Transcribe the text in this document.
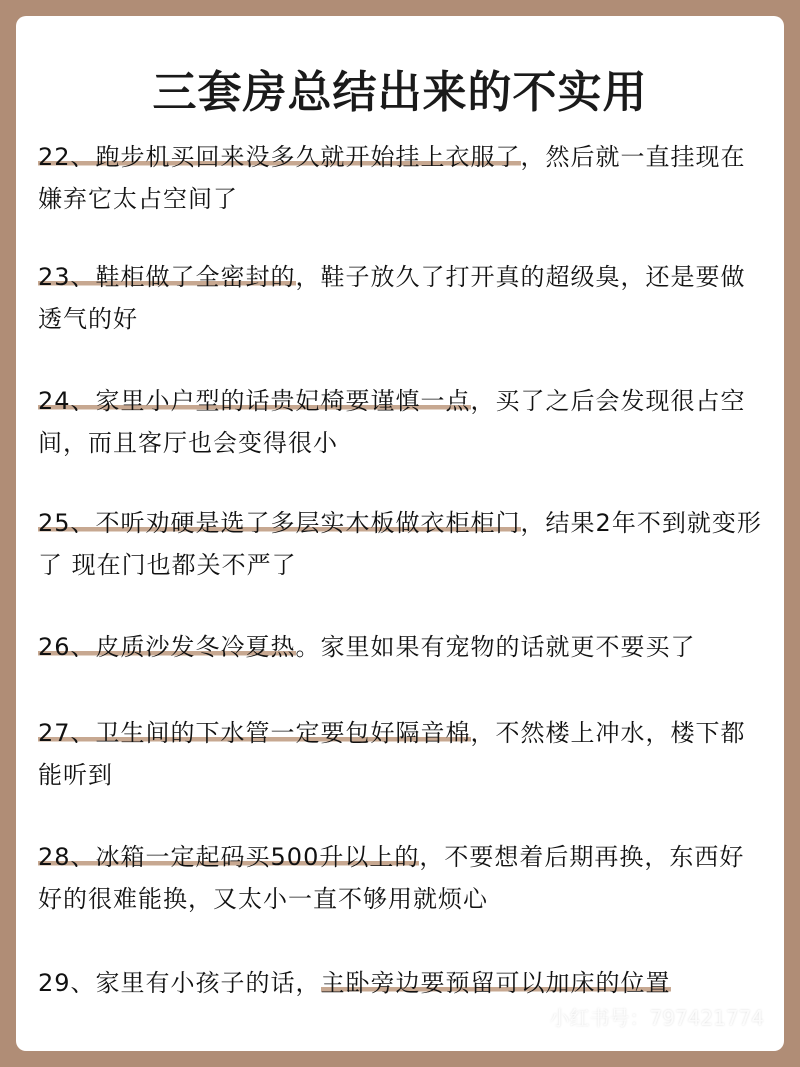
三套房总结出来的不实用
22、跑步机买回来没多久就开始挂上衣服了，然后就一直挂现在嫌弃它太占空间了
23、鞋柜做了全密封的，鞋子放久了打开真的超级臭，还是要做透气的好
24、家里小户型的话贵妃椅要谨慎一点，买了之后会发现很占空间，而且客厅也会变得很小
25、不听劝硬是选了多层实木板做衣柜柜门，结果2年不到就变形了 现在门也都关不严了
26、皮质沙发冬冷夏热。家里如果有宠物的话就更不要买了
27、卫生间的下水管一定要包好隔音棉，不然楼上冲水，楼下都能听到
28、冰箱一定起码买500升以上的，不要想着后期再换，东西好好的很难能换，又太小一直不够用就烦心
29、家里有小孩子的话，主卧旁边要预留可以加床的位置
小红书号：797421774
